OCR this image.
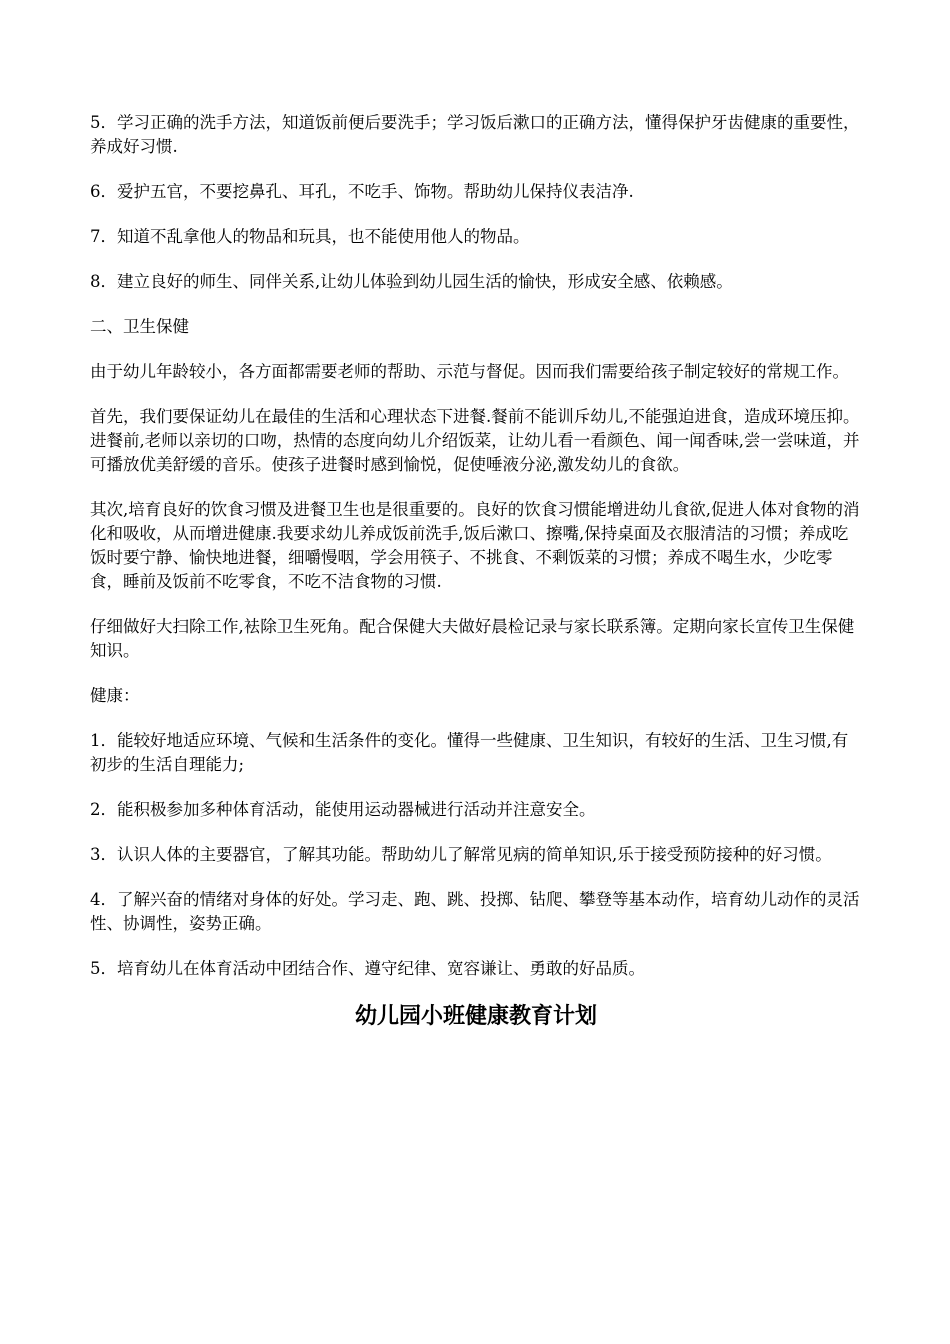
5．学习正确的洗手方法，知道饭前便后要洗手；学习饭后漱口的正确方法，懂得保护牙齿健康的重要性，养成好习惯.

6．爱护五官，不要挖鼻孔、耳孔，不吃手、饰物。帮助幼儿保持仪表洁净.

7．知道不乱拿他人的物品和玩具，也不能使用他人的物品。

8．建立良好的师生、同伴关系,让幼儿体验到幼儿园生活的愉快，形成安全感、依赖感。

二、卫生保健

由于幼儿年龄较小，各方面都需要老师的帮助、示范与督促。因而我们需要给孩子制定较好的常规工作。

首先，我们要保证幼儿在最佳的生活和心理状态下进餐.餐前不能训斥幼儿,不能强迫进食，造成环境压抑。进餐前,老师以亲切的口吻，热情的态度向幼儿介绍饭菜，让幼儿看一看颜色、闻一闻香味,尝一尝味道，并可播放优美舒缓的音乐。使孩子进餐时感到愉悦，促使唾液分泌,激发幼儿的食欲。

其次,培育良好的饮食习惯及进餐卫生也是很重要的。良好的饮食习惯能增进幼儿食欲,促进人体对食物的消化和吸收，从而增进健康.我要求幼儿养成饭前洗手,饭后漱口、擦嘴,保持桌面及衣服清洁的习惯；养成吃饭时要宁静、愉快地进餐，细嚼慢咽，学会用筷子、不挑食、不剩饭菜的习惯；养成不喝生水，少吃零食，睡前及饭前不吃零食，不吃不洁食物的习惯.

仔细做好大扫除工作,袪除卫生死角。配合保健大夫做好晨检记录与家长联系簿。定期向家长宣传卫生保健知识。

健康：

1．能较好地适应环境、气候和生活条件的变化。懂得一些健康、卫生知识，有较好的生活、卫生习惯,有初步的生活自理能力;

2．能积极参加多种体育活动，能使用运动器械进行活动并注意安全。

3．认识人体的主要器官，了解其功能。帮助幼儿了解常见病的简单知识,乐于接受预防接种的好习惯。

4．了解兴奋的情绪对身体的好处。学习走、跑、跳、投掷、钻爬、攀登等基本动作，培育幼儿动作的灵活性、协调性，姿势正确。

5．培育幼儿在体育活动中团结合作、遵守纪律、宽容谦让、勇敢的好品质。

幼儿园小班健康教育计划
